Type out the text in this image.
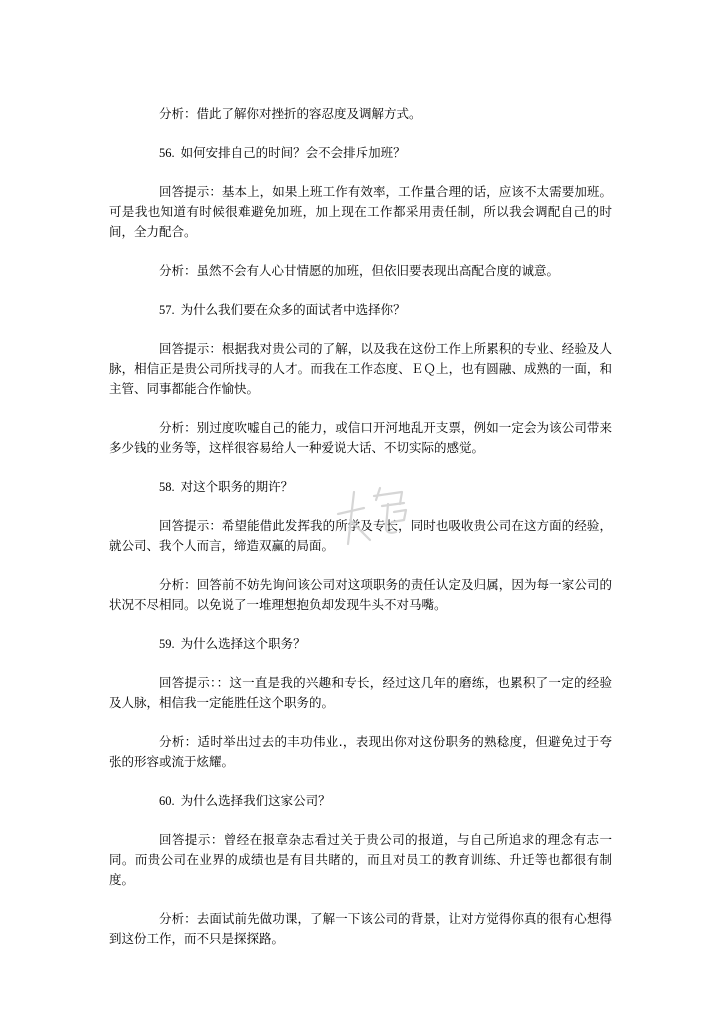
分析：借此了解你对挫折的容忍度及调解方式。

56. 如何安排自己的时间？会不会排斥加班？

回答提示：基本上，如果上班工作有效率，工作量合理的话，应该不太需要加班。可是我也知道有时候很难避免加班，加上现在工作都采用责任制，所以我会调配自己的时间，全力配合。

分析：虽然不会有人心甘情愿的加班，但依旧要表现出高配合度的诚意。

57. 为什么我们要在众多的面试者中选择你？

回答提示：根据我对贵公司的了解，以及我在这份工作上所累积的专业、经验及人脉，相信正是贵公司所找寻的人才。而我在工作态度、ＥＱ上，也有圆融、成熟的一面，和主管、同事都能合作愉快。

分析：别过度吹嘘自己的能力，或信口开河地乱开支票，例如一定会为该公司带来多少钱的业务等，这样很容易给人一种爱说大话、不切实际的感觉。

58. 对这个职务的期许？

回答提示：希望能借此发挥我的所学及专长，同时也吸收贵公司在这方面的经验，就公司、我个人而言，缔造双赢的局面。

分析：回答前不妨先询问该公司对这项职务的责任认定及归属，因为每一家公司的状况不尽相同。以免说了一堆理想抱负却发现牛头不对马嘴。

59. 为什么选择这个职务？

回答提示：：这一直是我的兴趣和专长，经过这几年的磨练，也累积了一定的经验及人脉，相信我一定能胜任这个职务的。

分析：适时举出过去的丰功伟业.，表现出你对这份职务的熟稔度，但避免过于夸张的形容或流于炫耀。

60. 为什么选择我们这家公司？

回答提示：曾经在报章杂志看过关于贵公司的报道，与自己所追求的理念有志一同。而贵公司在业界的成绩也是有目共睹的，而且对员工的教育训练、升迁等也都很有制度。

分析：去面试前先做功课，了解一下该公司的背景，让对方觉得你真的很有心想得到这份工作，而不只是探探路。
